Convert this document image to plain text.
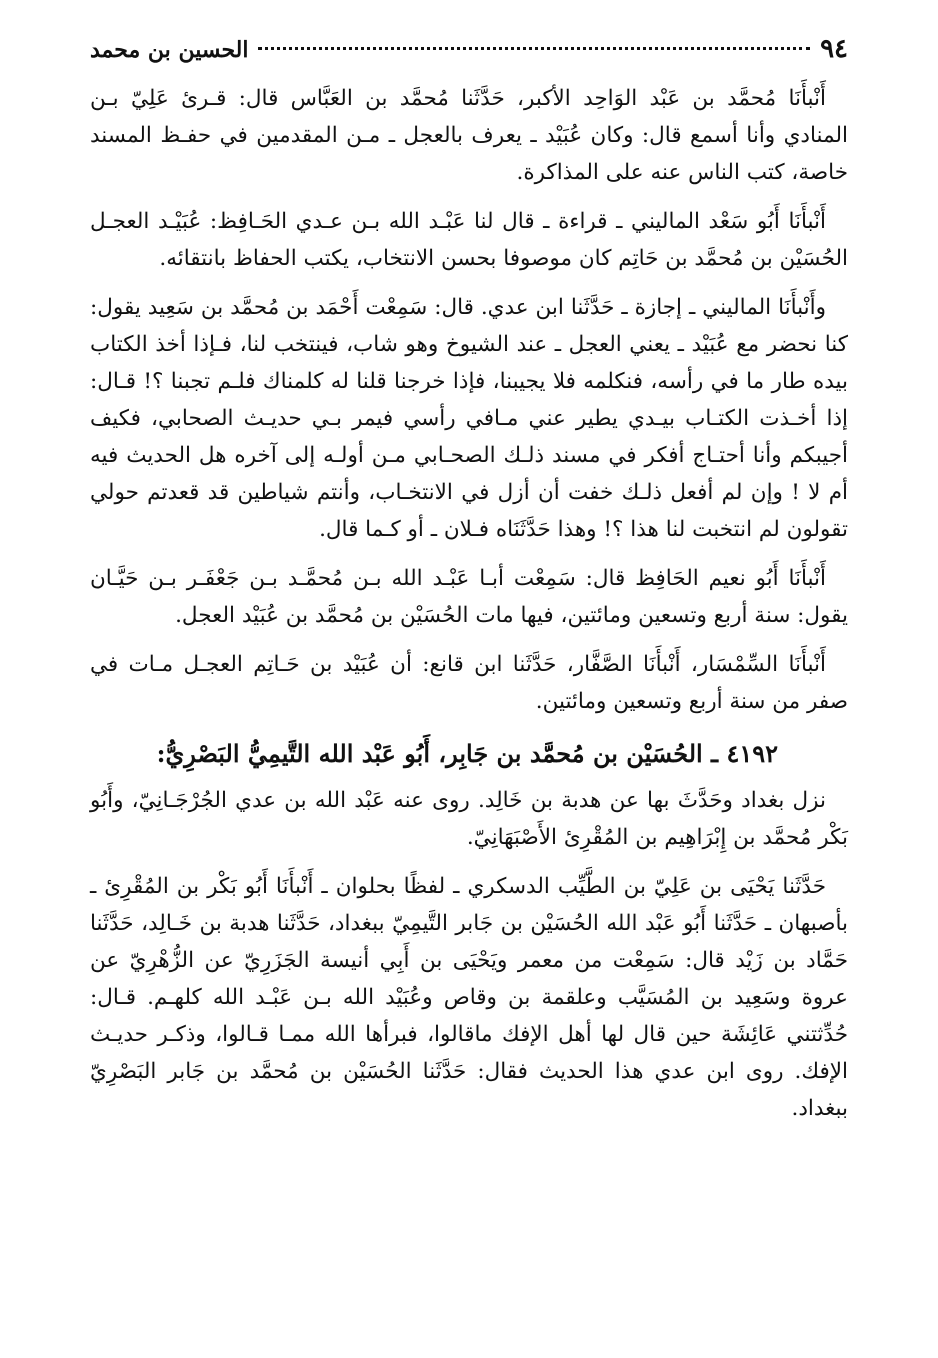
٩٤
الحسين بن محمد

أَنْبأَنَا مُحمَّد بن عَبْد الوَاحِد الأكبر، حَدَّثَنا مُحمَّد بن العَبَّاس قال: قـرئ عَلِيّ بـن المنادي وأنا أسمع قال: وكان عُبَيْد ـ يعرف بالعجل ـ مـن المقدمين في حفـظ المسند خاصة، كتب الناس عنه على المذاكرة.

أَنْبأَنَا أَبُو سَعْد الماليني ـ قراءة ـ قال لنا عَبْـد الله بـن عـدي الحَـافِظ: عُبَيْـد العجـل الحُسَيْن بن مُحمَّد بن حَاتِم كان موصوفا بحسن الانتخاب، يكتب الحفاظ بانتقائه.

وأَنْبأَنَا الماليني ـ إجازة ـ حَدَّثَنا ابن عدي. قال: سَمِعْت أَحْمَد بن مُحمَّد بن سَعِيد يقول: كنا نحضر مع عُبَيْد ـ يعني العجل ـ عند الشيوخ وهو شاب، فينتخب لنا، فـإذا أخذ الكتاب بيده طار ما في رأسه، فنكلمه فلا يجيبنا، فإذا خرجنا قلنا له كلمناك فلـم تجبنا ؟! قـال: إذا أخـذت الكتـاب بيـدي يطير عني مـافي رأسي فيمر بـي حديـث الصحابي، فكيف أجيبكم وأنا أحتـاج أفكر في مسند ذلـك الصحـابي مـن أولـه إلى آخره هل الحديث فيه أم لا ! وإن لم أفعل ذلـك خفت أن أزل في الانتخـاب، وأنتم شياطين قد قعدتم حولي تقولون لم انتخبت لنا هذا ؟! وهذا حَدَّثَنَاه فـلان ـ أو كـما قال.

أَنْبأَنَا أَبُو نعيم الحَافِظ قال: سَمِعْت أبـا عَبْـد الله بـن مُحمَّـد بـن جَعْفَـر بـن حَيَّـان يقول: سنة أربع وتسعين ومائتين، فيها مات الحُسَيْن بن مُحمَّد بن عُبَيْد العجل.

أَنْبأَنَا السِّمْسَار، أَنْبأَنَا الصَّفَّار، حَدَّثَنا ابن قانع: أن عُبَيْد بن حَـاتِم العجـل مـات في صفر من سنة أربع وتسعين ومائتين.

٤١٩٢ ـ الحُسَيْن بن مُحمَّد بن جَابِر، أَبُو عَبْد الله التَّيمِيُّ البَصْرِيُّ:

نزل بغداد وحَدَّثَ بها عن هدبة بن خَالِد. روى عنه عَبْد الله بن عدي الجُرْجَـانِيّ، وأَبُو بَكْر مُحمَّد بن إِبْرَاهِيم بن المُقْرِئ الأَصْبَهَانِيّ.

حَدَّثَنا يَحْيَى بن عَلِيّ بن الطَّيِّب الدسكري ـ لفظًا بحلوان ـ أَنْبأَنَا أَبُو بَكْر بن المُقْرِئ ـ بأصبهان ـ حَدَّثَنا أَبُو عَبْد الله الحُسَيْن بن جَابر التَّيمِيّ ببغداد، حَدَّثَنا هدبة بن خَـالِد، حَدَّثَنا حَمَّاد بن زَيْد قال: سَمِعْت من معمر ويَحْيَى بن أَبِي أنيسة الجَزَرِيّ عن الزُّهْرِيّ عن عروة وسَعِيد بن المُسَيَّب وعلقمة بن وقاص وعُبَيْد الله بـن عَبْـد الله كلهـم. قـال: حُدِّثتني عَائِشَة حين قال لها أهل الإفك ماقالوا، فبرأها الله ممـا قـالوا، وذكـر حديـث الإفك. روى ابن عدي هذا الحديث فقال: حَدَّثَنا الحُسَيْن بن مُحمَّد بن جَابر البَصْرِيّ ببغداد.
